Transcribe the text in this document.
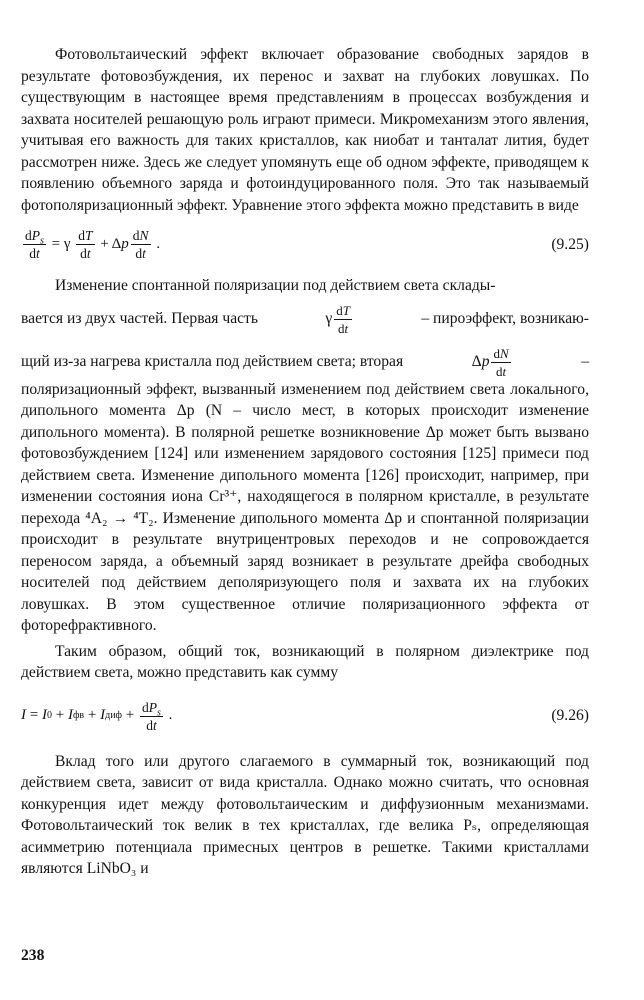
Фотовольтаический эффект включает образование свободных зарядов в результате фотовозбуждения, их перенос и захват на глубоких ловушках. По существующим в настоящее время представлениям в процессах возбуждения и захвата носителей решающую роль играют примеси. Микромеханизм этого явления, учитывая его важность для таких кристаллов, как ниобат и танталат лития, будет рассмотрен ниже. Здесь же следует упомянуть еще об одном эффекте, приводящем к появлению объемного заряда и фотоиндуцированного поля. Это так называемый фотополяризационный эффект. Уравнение этого эффекта можно представить в виде

$\frac{dP_s}{dt} = \gamma \frac{dT}{dt} + \Delta$ p $\frac{dN}{dt}$ .	(9.25)

Изменение спонтанной поляризации под действием света склады-

вается из двух частей. Первая часть	γ $\frac{dT}{dt}$	– пироэффект, возникаю-
щий из-за нагрева кристалла под действием света; вторая	Δ p $\frac{dN}{dt}$	–

поляризационный эффект, вызванный изменением под действием света локального, дипольного момента Δp (N – число мест, в которых происходит изменение дипольного момента). В полярной решетке возникновение Δp может быть вызвано фотовозбуждением [124] или изменением зарядового состояния [125] примеси под действием света. Изменение дипольного момента [126] происходит, например, при изменении состояния иона Cr³⁺, находящегося в полярном кристалле, в результате перехода ⁴A₂ → ⁴T₂. Изменение дипольного момента Δp и спонтанной поляризации происходит в результате внутрицентровых переходов и не сопровождается переносом заряда, а объемный заряд возникает в результате дрейфа свободных носителей под действием деполяризующего поля и захвата их на глубоких ловушках. В этом существенное отличие поляризационного эффекта от фоторефрактивного.

Таким образом, общий ток, возникающий в полярном диэлектрике под действием света, можно представить как сумму

I = I 0 + I фв + I диф + $\frac{dP_s}{dt}$ .	(9.26)

Вклад того или другого слагаемого в суммарный ток, возникающий под действием света, зависит от вида кристалла. Однако можно считать, что основная конкуренция идет между фотовольтаическим и диффузионным механизмами. Фотовольтаический ток велик в тех кристаллах, где велика Pₛ, определяющая асимметрию потенциала примесных центров в решетке. Такими кристаллами являются LiNbO₃ и

238
